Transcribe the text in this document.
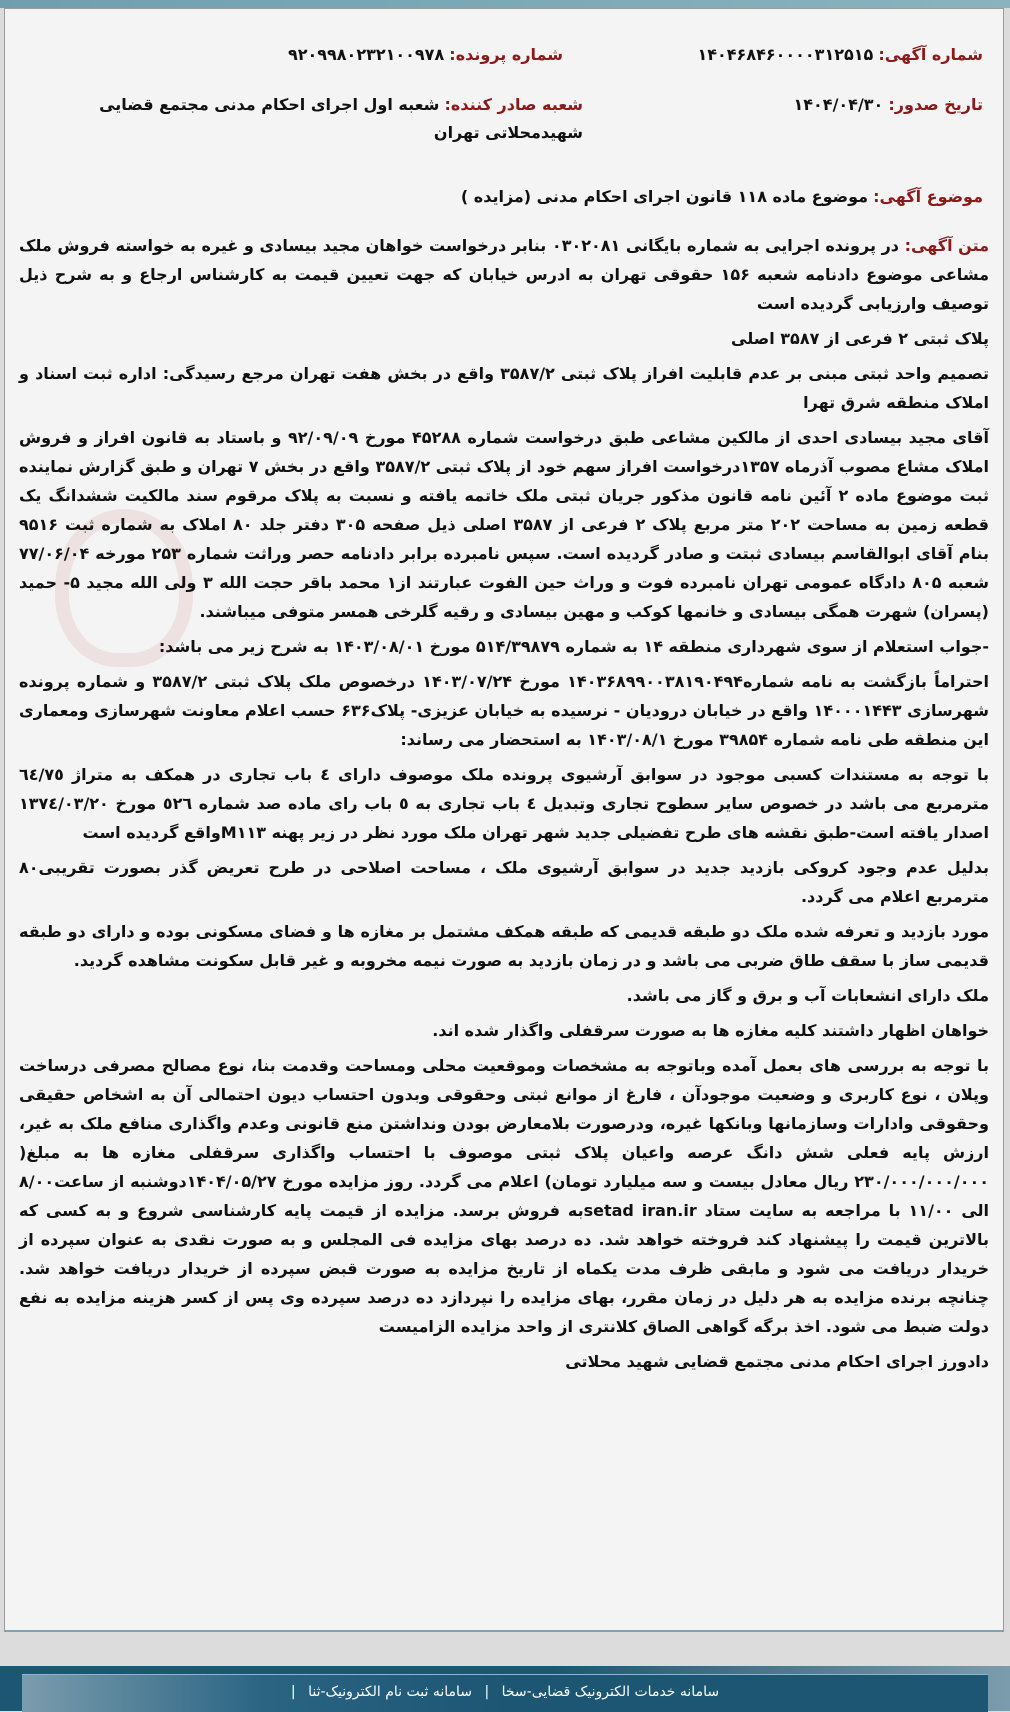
شماره آگهی: ۱۴۰۴۶۸۴۶۰۰۰۰۳۱۲۵۱۵
شماره پرونده: ۹۲۰۹۹۸۰۲۳۲۱۰۰۹۷۸
تاریخ صدور: ۱۴۰۴/۰۴/۳۰
شعبه صادر کننده: شعبه اول اجرای احکام مدنی مجتمع قضایی شهیدمحلاتی تهران
موضوع آگهی: موضوع ماده ۱۱۸ قانون اجرای احکام مدنی (مزایده )

متن آگهی: در پرونده اجرایی به شماره بایگانی ۰۳۰۲۰۸۱ بنابر درخواست خواهان مجید بیسادی و غیره به خواسته فروش ملک مشاعی موضوع دادنامه شعبه ۱۵۶ حقوقی تهران به ادرس خیابان که جهت تعیین قیمت به کارشناس ارجاع و به شرح ذیل توصیف وارزیابی گردیده است

پلاک ثبتی ۲ فرعی از ۳۵۸۷ اصلی

تصمیم واحد ثبتی مبنی بر عدم قابلیت افراز پلاک ثبتی ۳۵۸۷/۲ واقع در بخش هفت تهران مرجع رسیدگی: اداره ثبت اسناد و املاک منطقه شرق تهرا

آقای مجید بیسادی احدی از مالکین مشاعی طبق درخواست شماره ۴۵۲۸۸ مورخ ۹۲/۰۹/۰۹ و باستاد به قانون افراز و فروش املاک مشاع مصوب آذرماه ۱۳۵۷درخواست افراز سهم خود از پلاک ثبتی ۳۵۸۷/۲ واقع در بخش ۷ تهران و طبق گزارش نماینده ثبت موضوع ماده ۲ آئین نامه قانون مذکور جریان ثبتی ملک خاتمه یافته و نسبت به پلاک مرقوم سند مالکیت ششدانگ یک قطعه زمین به مساحت ۲۰۲ متر مربع پلاک ۲ فرعی از ۳۵۸۷ اصلی ذیل صفحه ۳۰۵ دفتر جلد ۸۰ املاک به شماره ثبت ۹۵۱۶ بنام آقای ابوالقاسم بیسادی ثبتت و صادر گردیده است. سپس نامبرده برابر دادنامه حصر وراثت شماره ۲۵۳ مورخه ۷۷/۰۶/۰۴ شعبه ۸۰۵ دادگاه عمومی تهران نامبرده فوت و وراث حین الفوت عبارتند از۱ محمد باقر حجت الله ۳ ولی الله مجید ۵- حمید (پسران) شهرت همگی بیسادی و خانمها کوکب و مهین بیسادی و رقیه گلرخی همسر متوفی میباشند.

-جواب استعلام از سوی شهرداری منطقه ۱۴ به شماره ۵۱۴/۳۹۸۷۹ مورخ ۱۴۰۳/۰۸/۰۱ به شرح زیر می باشد:

احتراماً بازگشت به نامه شماره۱۴۰۳۶۸۹۹۰۰۳۸۱۹۰۴۹۴ مورخ ۱۴۰۳/۰۷/۲۴ درخصوص ملک پلاک ثبتی ۳۵۸۷/۲ و شماره پرونده شهرسازی ۱۴۰۰۰۱۴۴۳ واقع در خیابان درودیان - نرسیده به خیابان عزیزی- پلاک۶۳۶ حسب اعلام معاونت شهرسازی ومعماری این منطقه طی نامه شماره ۳۹۸۵۴ مورخ ۱۴۰۳/۰۸/۱ به استحضار می رساند:

با توجه به مستندات کسبی موجود در سوابق آرشیوی پرونده ملک موصوف دارای ٤ باب تجاری در همکف به متراژ ٦٤/٧٥ مترمربع می باشد در خصوص سایر سطوح تجاری وتبدیل ٤ باب تجاری به ٥ باب رای ماده صد شماره ٥٢٦ مورخ ۱۳۷٤/۰۳/۲۰ اصدار یافته است-طبق نقشه های طرح تفضیلی جدید شهر تهران ملک مورد نظر در زیر پهنه M۱۱۳واقع گردیده است

بدلیل عدم وجود کروکی بازدید جدید در سوابق آرشیوی ملک ، مساحت اصلاحی در طرح تعریض گذر بصورت تقریبی۸۰ مترمربع اعلام می گردد.

مورد بازدید و تعرفه شده ملک دو طبقه قدیمی که طبقه همکف مشتمل بر مغازه ها و فضای مسکونی بوده و دارای دو طبقه قدیمی ساز با سقف طاق ضربی می باشد و در زمان بازدید به صورت نیمه مخروبه و غیر قابل سکونت مشاهده گردید.

ملک دارای انشعابات آب و برق و گاز می باشد.

خواهان اظهار داشتند کلیه مغازه ها به صورت سرقفلی واگذار شده اند.

با توجه به بررسی های بعمل آمده وباتوجه به مشخصات وموقعیت محلی ومساحت وقدمت بنا، نوع مصالح مصرفی درساخت وپلان ، نوع کاربری و وضعیت موجودآن ، فارغ از موانع ثبتی وحقوقی وبدون احتساب دیون احتمالی آن به اشخاص حقیقی وحقوقی وادارات وسازمانها وبانکها غیره، ودرصورت بلامعارض بودن ونداشتن منع قانونی وعدم واگذاری منافع ملک به غیر، ارزش پایه فعلی شش دانگ عرصه واعیان پلاک ثبتی موصوف با احتساب واگذاری سرقفلی مغازه ها به مبلغ( ۲۳۰/۰۰۰/۰۰۰/۰۰۰ ریال معادل بیست و سه میلیارد تومان) اعلام می گردد. روز مزایده مورخ ۱۴۰۴/۰۵/۲۷دوشنبه از ساعت۸/۰۰ الی ۱۱/۰۰ با مراجعه به سایت ستاد setad iran.irبه فروش برسد. مزایده از قیمت پایه کارشناسی شروع و به کسی که بالاترین قیمت را پیشنهاد کند فروخته خواهد شد. ده درصد بهای مزایده فی المجلس و به صورت نقدی به عنوان سپرده از خریدار دریافت می شود و مابقی ظرف مدت یکماه از تاریخ مزایده به صورت قبض سپرده از خریدار دریافت خواهد شد. چنانچه برنده مزایده به هر دلیل در زمان مقرر، بهای مزایده را نپردازد ده درصد سپرده وی پس از کسر هزینه مزایده به نفع دولت ضبط می شود. اخذ برگه گواهی الصاق کلانتری از واحد مزایده الزامیست

دادورز اجرای احکام مدنی مجتمع قضایی شهید محلاتی

سامانه خدمات الکترونیک قضایی-سخا | سامانه ثبت نام الکترونیک-ثنا |
